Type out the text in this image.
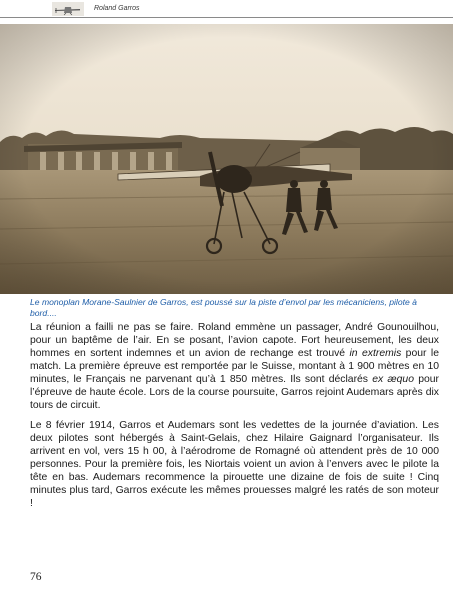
Roland Garros
Le monoplan Morane-Saulnier de Garros, est poussé sur la piste d’envol par les mécaniciens, pilote à bord....

La réunion a failli ne pas se faire. Roland emmène un passager, André Gounouilhou, pour un baptême de l’air. En se posant, l’avion capote. Fort heureusement, les deux hommes en sortent indemnes et un avion de rechange est trouvé in extremis pour le match. La première épreuve est remportée par le Suisse, montant à 1 900 mètres en 10 minutes, le Français ne parvenant qu’à 1 850 mètres. Ils sont déclarés ex æquo pour l’épreuve de haute école. Lors de la course poursuite, Garros rejoint Audemars après dix tours de circuit.

Le 8 février 1914, Garros et Audemars sont les vedettes de la journée d’aviation. Les deux pilotes sont hébergés à Saint-Gelais, chez Hilaire Gaignard l’organisateur. Ils arrivent en vol, vers 15 h 00, à l’aérodrome de Romagné où attendent près de 10 000 personnes. Pour la première fois, les Niortais voient un avion à l’envers avec le pilote la tête en bas. Audemars recommence la pirouette une dizaine de fois de suite ! Cinq minutes plus tard, Garros exécute les mêmes prouesses malgré les ratés de son moteur !

76
